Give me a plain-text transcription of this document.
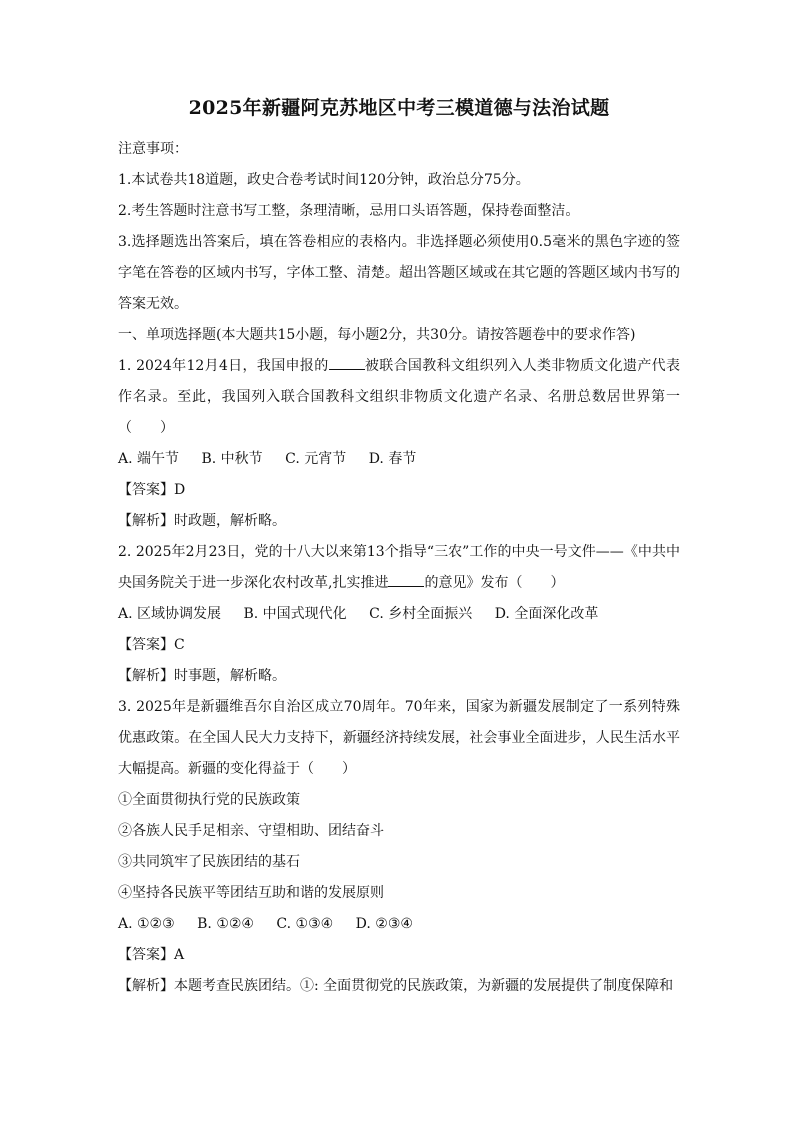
2025年新疆阿克苏地区中考三模道德与法治试题
注意事项：
1.本试卷共18道题，政史合卷考试时间120分钟，政治总分75分。
2.考生答题时注意书写工整，条理清晰，忌用口头语答题，保持卷面整洁。
3.选择题选出答案后，填在答卷相应的表格内。非选择题必须使用0.5毫米的黑色字迹的签字笔在答卷的区域内书写，字体工整、清楚。超出答题区域或在其它题的答题区域内书写的答案无效。
一、单项选择题(本大题共15小题，每小题2分，共30分。请按答题卷中的要求作答)
1. 2024年12月4日，我国申报的	被联合国教科文组织列入人类非物质文化遗产代表作名录。至此，我国列入联合国教科文组织非物质文化遗产名录、名册总数居世界第一（　　）
A. 端午节 B. 中秋节 C. 元宵节 D. 春节
【答案】D
【解析】时政题，解析略。
2. 2025年2月23日，党的十八大以来第13个指导“三农”工作的中央一号文件——《中共中央国务院关于进一步深化农村改革,扎实推进	的意见》发布（　　）
A. 区域协调发展 B. 中国式现代化 C. 乡村全面振兴 D. 全面深化改革
【答案】C
【解析】时事题，解析略。
3. 2025年是新疆维吾尔自治区成立70周年。70年来，国家为新疆发展制定了一系列特殊优惠政策。在全国人民大力支持下，新疆经济持续发展，社会事业全面进步，人民生活水平大幅提高。新疆的变化得益于（　　）
①全面贯彻执行党的民族政策
②各族人民手足相亲、守望相助、团结奋斗
③共同筑牢了民族团结的基石
④坚持各民族平等团结互助和谐的发展原则
A. ①②③ B. ①②④ C. ①③④ D. ②③④
【答案】A
【解析】本题考查民族团结。①: 全面贯彻党的民族政策，为新疆的发展提供了制度保障和
